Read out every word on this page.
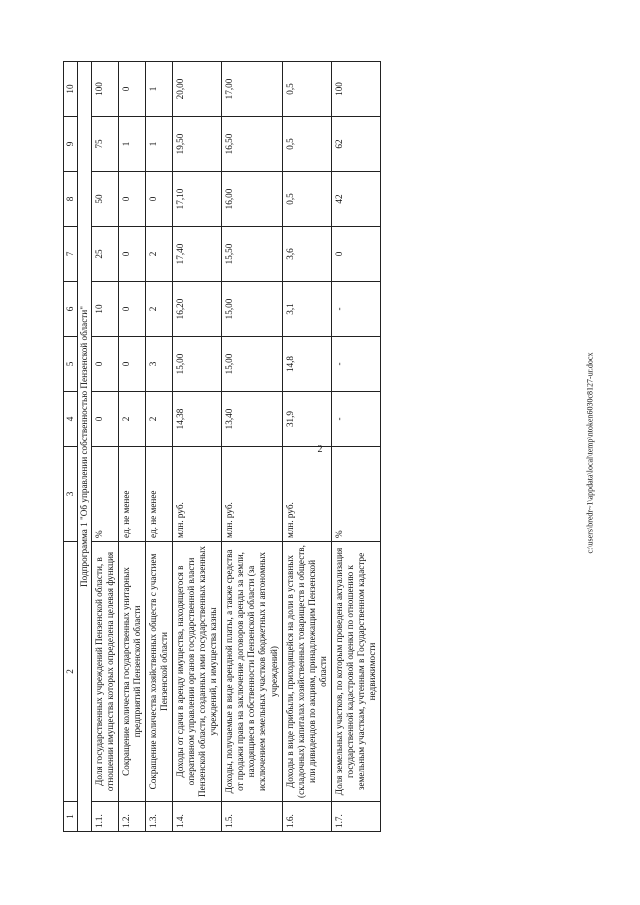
2
1	2	3	4	5	6	7	8	9	10
Подпрограмма 1 "Об управлении собственностью Пензенской области"									
1.1.	Доля государственных учреждений Пензенской области, в отношении имущества которых определена целевая функция	%	0	0	10	25	50	75	100
1.2.	Сокращение количества государственных унитарных предприятий Пензенской области	ед. не менее	2	0	0	0	0	1	0
1.3.	Сокращение количества хозяйственных обществ с участием Пензенской области	ед. не менее	2	3	2	2	0	1	1
1.4.	Доходы от сдачи в аренду имущества, находящегося в оперативном управлении органов государственной власти Пензенской области, созданных ими государственных казенных учреждений, и имущества казны	млн. руб.	14,38	15,00	16,20	17,40	17,10	19,50	20,00
1.5.	Доходы, получаемые в виде арендной платы, а также средства от продажи права на заключение договоров аренды за земли, находящиеся в собственности Пензенской области (за исключением земельных участков бюджетных и автономных учреждений)	млн. руб.	13,40	15,00	15,00	15,50	16,00	16,50	17,00
1.6.	Доходы в виде прибыли, приходящейся на доли в уставных (складочных) капиталах хозяйственных товариществ и обществ, или дивидендов по акциям, принадлежащим Пензенской области	млн. руб.	31,9	14,8	3,1	3,6	0,5	0,5	0,5
1.7.	Доля земельных участков, по которым проведена актуализация государственной кадастровой оценки по отношению к земельным участкам, учтенным в Государственном кадастре недвижимости	%	-	-	-	0	42	62	100
c:\users\bredr~1\appdata\local\temp\ntoken6030c8127-ur.docx
